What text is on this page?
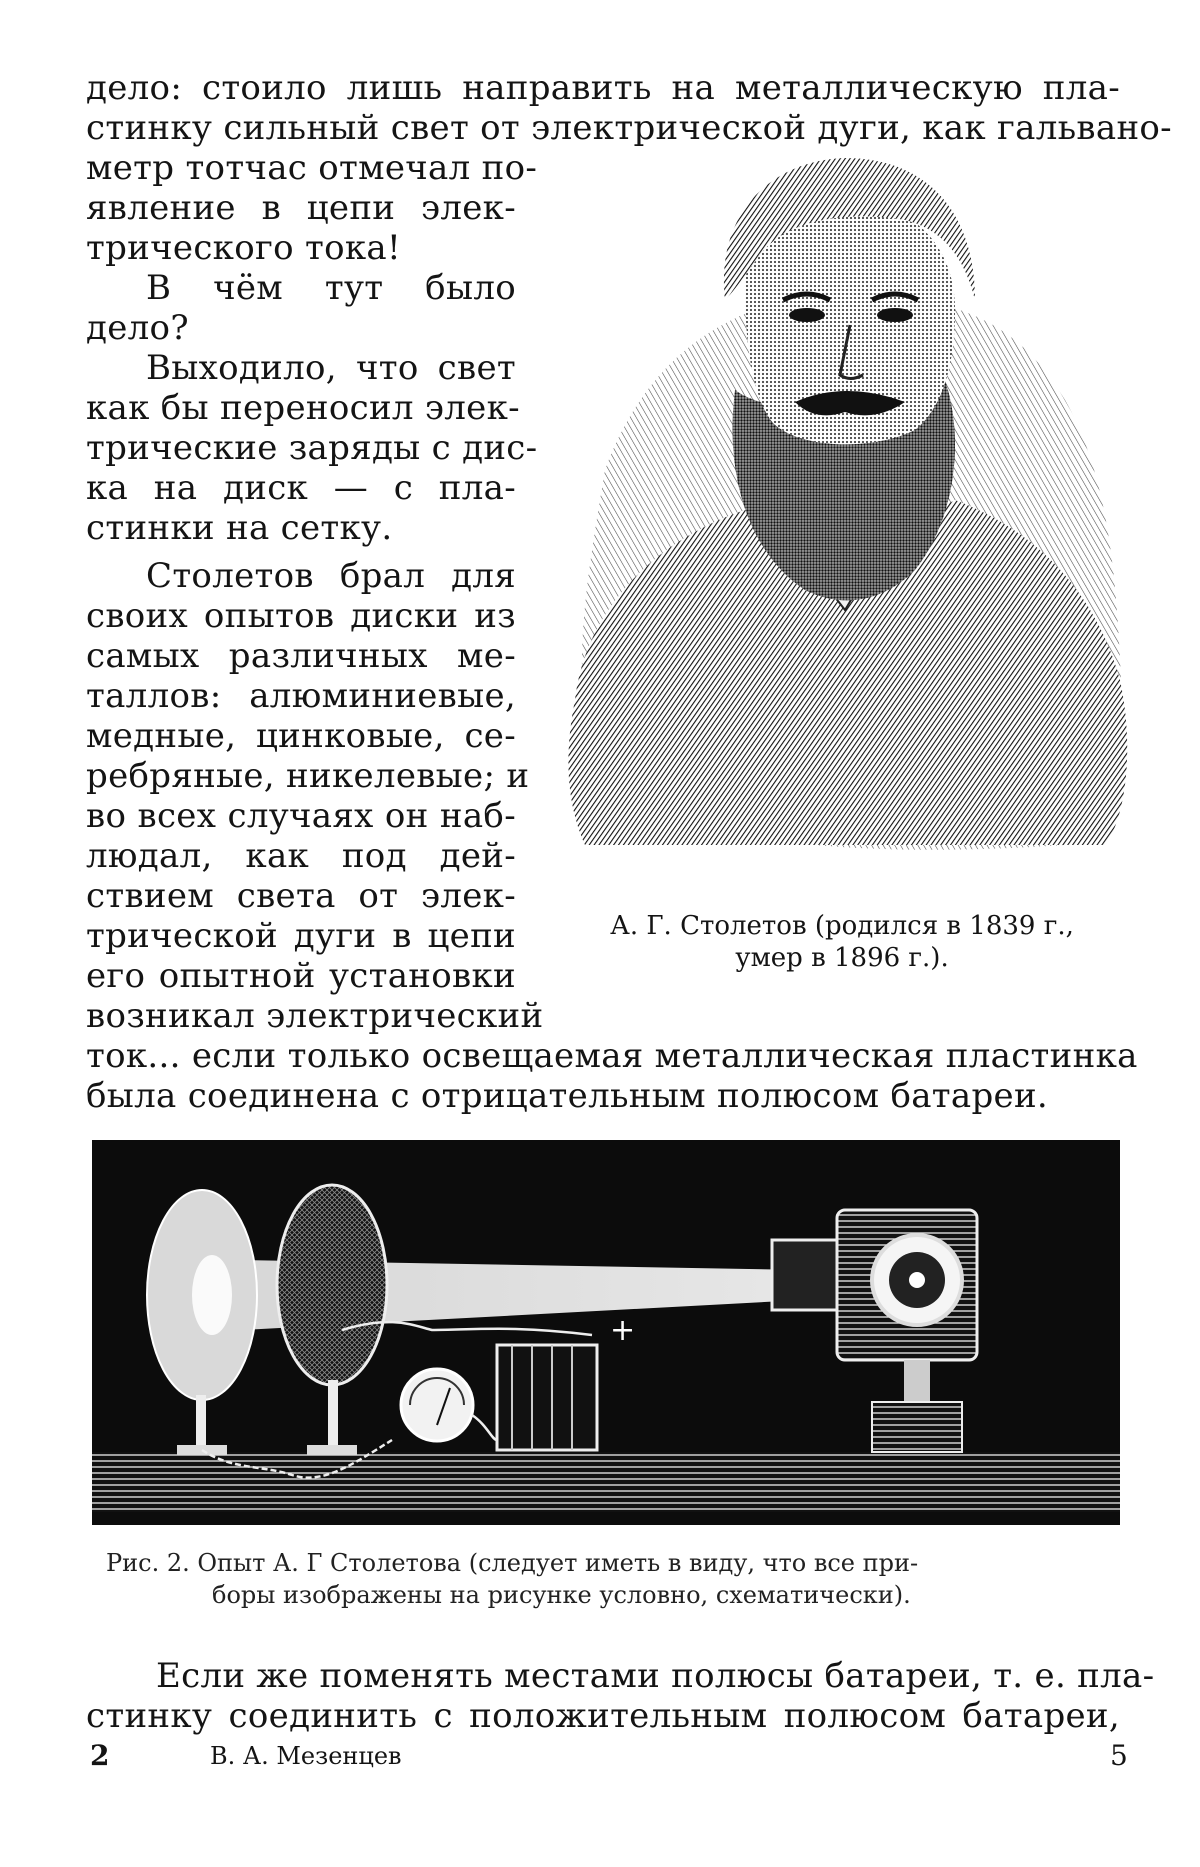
дело: стоило лишь направить на металлическую пла-
стинку сильный свет от электрической дуги, как гальвано-
метр тотчас отмечал по-
явление в цепи элек-
трического тока!
В чём тут было
дело?
Выходило, что свет
как бы переносил элек-
трические заряды с дис-
ка на диск — с пла-
стинки на сетку.
Столетов брал для
своих опытов диски из
самых различных ме-
таллов: алюминиевые,
медные, цинковые, се-
ребряные, никелевые; и
во всех случаях он наб-
людал, как под дей-
ствием света от элек-
трической дуги в цепи
его опытной установки
возникал электрический
ток... если только освещаемая металлическая пластинка
была соединена с отрицательным полюсом батареи.
А. Г. Столетов (родился в 1839 г.,
умер в 1896 г.).
+
Рис. 2. Опыт А. Г Столетова (следует иметь в виду, что все при-
боры изображены на рисунке условно, схематически).
Если же поменять местами полюсы батареи, т. е. пла-
стинку соединить с положительным полюсом батареи,
2	В. А. Мезенцев	5
